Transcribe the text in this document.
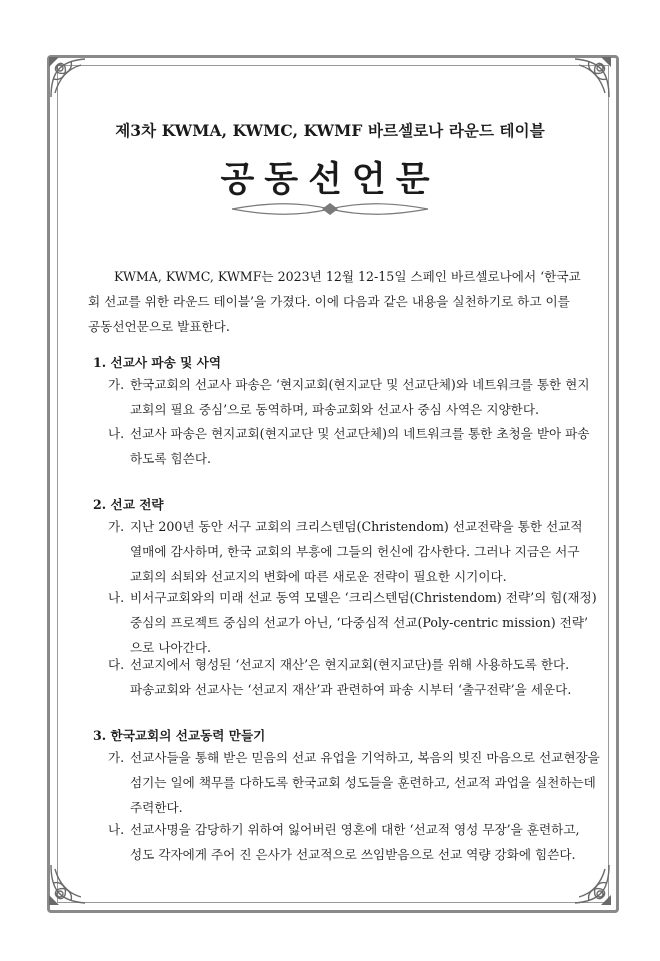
제3차 KWMA, KWMC, KWMF 바르셀로나 라운드 테이블
공동선언문
KWMA, KWMC, KWMF는 2023년 12월 12-15일 스페인 바르셀로나에서 ‘한국교회 선교를 위한 라운드 테이블’을 가졌다. 이에 다음과 같은 내용을 실천하기로 하고 이를 공동선언문으로 발표한다.
1. 선교사 파송 및 사역
가. 한국교회의 선교사 파송은 ‘현지교회(현지교단 및 선교단체)와 네트워크를 통한 현지
교회의 필요 중심’으로 동역하며, 파송교회와 선교사 중심 사역은 지양한다.
나. 선교사 파송은 현지교회(현지교단 및 선교단체)의 네트워크를 통한 초청을 받아 파송
하도록 힘쓴다.
2. 선교 전략
가. 지난 200년 동안 서구 교회의 크리스텐덤(Christendom) 선교전략을 통한 선교적
열매에 감사하며, 한국 교회의 부흥에 그들의 헌신에 감사한다. 그러나 지금은 서구
교회의 쇠퇴와 선교지의 변화에 따른 새로운 전략이 필요한 시기이다.
나. 비서구교회와의 미래 선교 동역 모델은 ‘크리스텐덤(Christendom) 전략’의 힘(재정)
중심의 프로젝트 중심의 선교가 아닌, ‘다중심적 선교(Poly-centric mission) 전략’
으로 나아간다.
다. 선교지에서 형성된 ‘선교지 재산’은 현지교회(현지교단)를 위해 사용하도록 한다.
파송교회와 선교사는 ‘선교지 재산’과 관련하여 파송 시부터 ‘출구전략’을 세운다.
3. 한국교회의 선교동력 만들기
가. 선교사들을 통해 받은 믿음의 선교 유업을 기억하고, 복음의 빚진 마음으로 선교현장을
섬기는 일에 책무를 다하도록 한국교회 성도들을 훈련하고, 선교적 과업을 실천하는데
주력한다.
나. 선교사명을 감당하기 위하여 잃어버린 영혼에 대한 ‘선교적 영성 무장’을 훈련하고,
성도 각자에게 주어 진 은사가 선교적으로 쓰임받음으로 선교 역량 강화에 힘쓴다.
